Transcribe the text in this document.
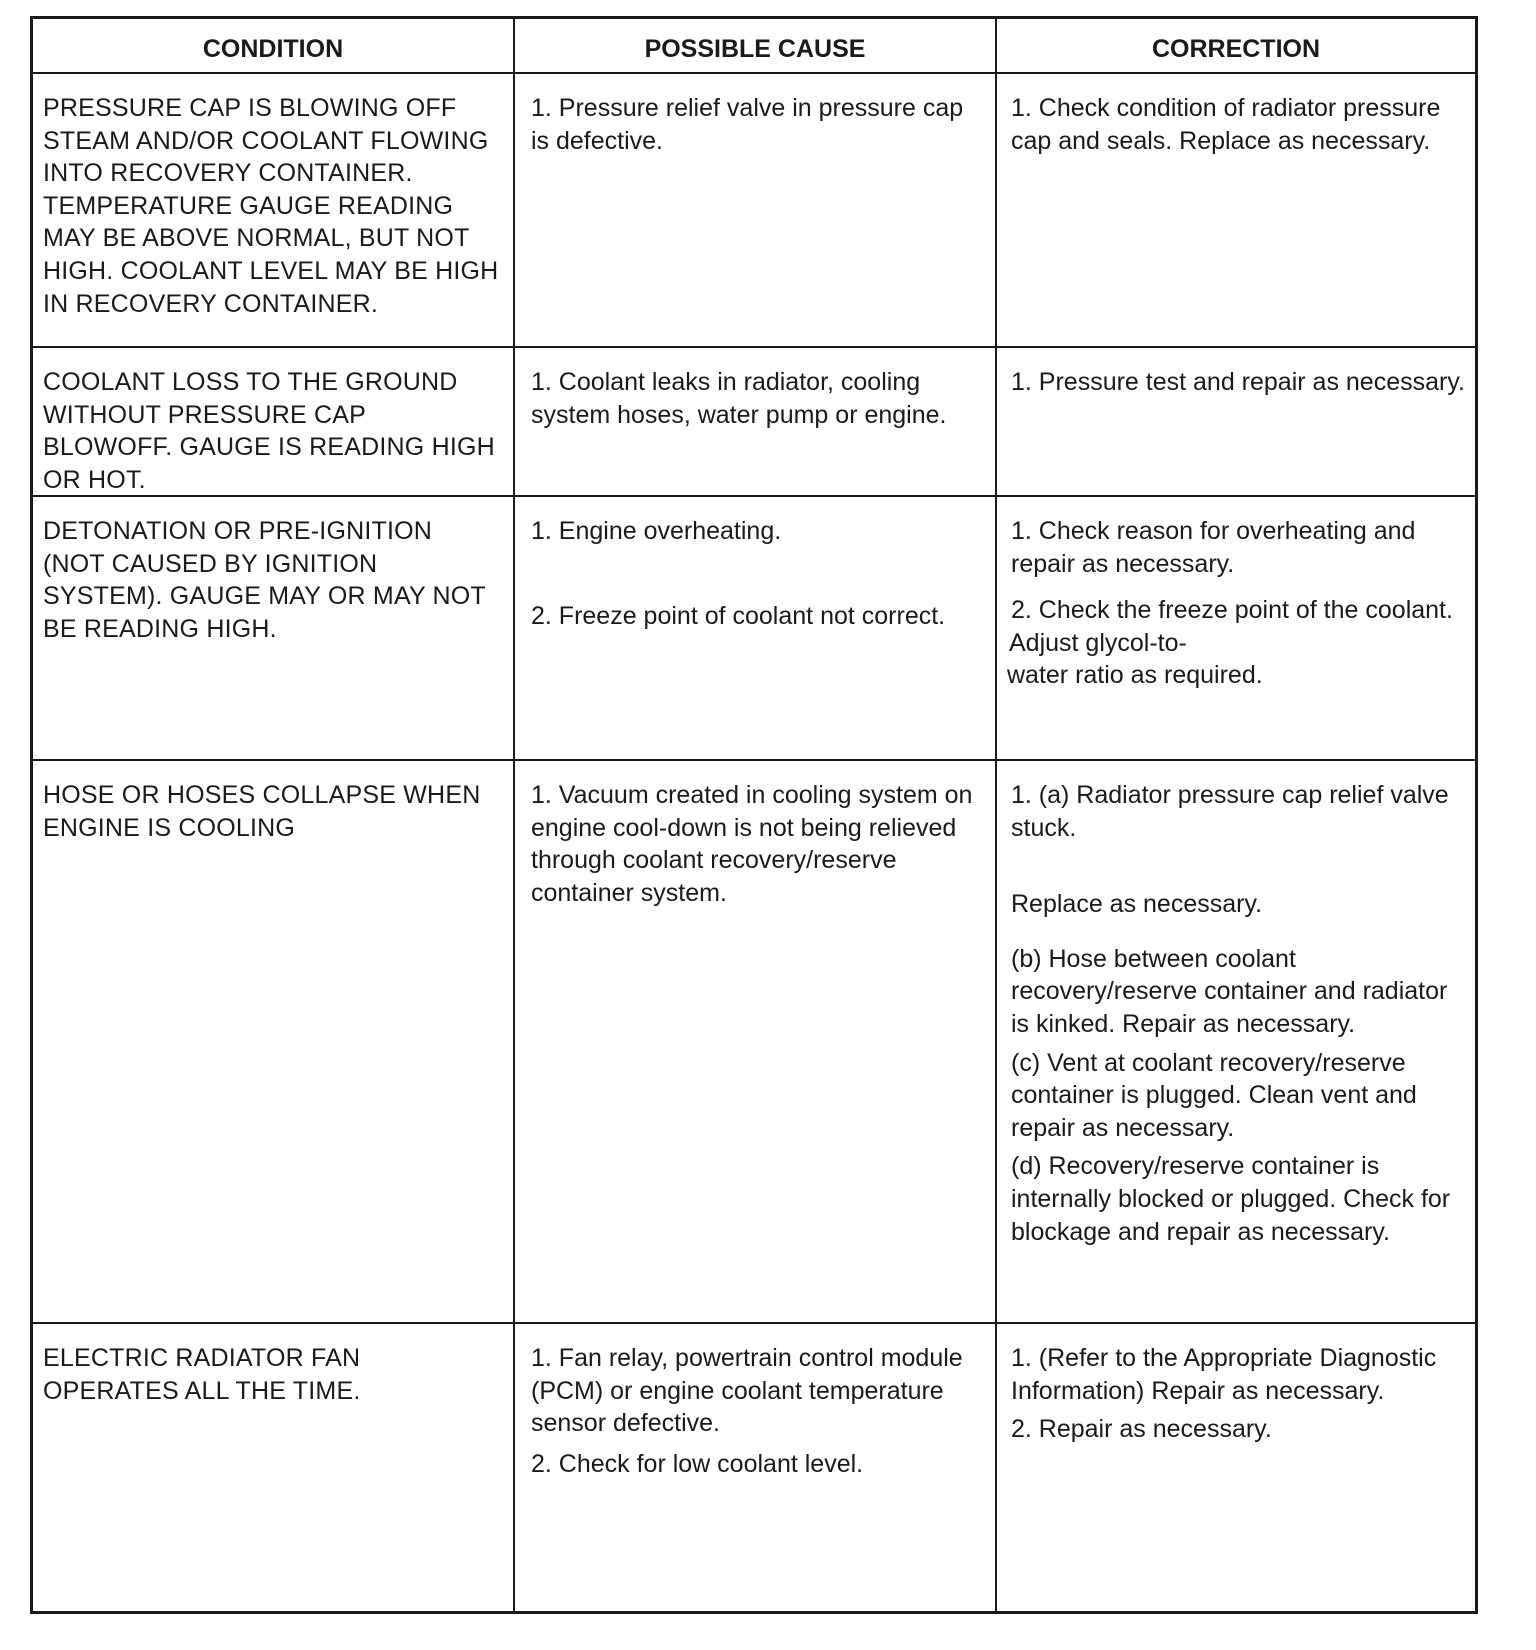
CONDITION	POSSIBLE CAUSE	CORRECTION

PRESSURE CAP IS BLOWING OFF STEAM AND/OR COOLANT FLOWING INTO RECOVERY CONTAINER. TEMPERATURE GAUGE READING MAY BE ABOVE NORMAL, BUT NOT HIGH. COOLANT LEVEL MAY BE HIGH IN RECOVERY CONTAINER.

1. Pressure relief valve in pressure cap is defective.

1. Check condition of radiator pressure cap and seals. Replace as necessary.

COOLANT LOSS TO THE GROUND WITHOUT PRESSURE CAP BLOWOFF. GAUGE IS READING HIGH OR HOT.

1. Coolant leaks in radiator, cooling system hoses, water pump or engine.

1. Pressure test and repair as necessary.

DETONATION OR PRE-IGNITION (NOT CAUSED BY IGNITION SYSTEM). GAUGE MAY OR MAY NOT BE READING HIGH.

1. Engine overheating.

2. Freeze point of coolant not correct.

1. Check reason for overheating and repair as necessary.

2. Check the freeze point of the coolant.

Adjust glycol-to-

water ratio as required.

HOSE OR HOSES COLLAPSE WHEN ENGINE IS COOLING

1. Vacuum created in cooling system on engine cool-down is not being relieved through coolant recovery/reserve container system.

1. (a) Radiator pressure cap relief valve stuck.

Replace as necessary.

(b) Hose between coolant recovery/reserve container and radiator is kinked. Repair as necessary.

(c) Vent at coolant recovery/reserve container is plugged. Clean vent and repair as necessary.

(d) Recovery/reserve container is internally blocked or plugged. Check for blockage and repair as necessary.

ELECTRIC RADIATOR FAN OPERATES ALL THE TIME.

1. Fan relay, powertrain control module (PCM) or engine coolant temperature sensor defective.

2. Check for low coolant level.

1. (Refer to the Appropriate Diagnostic Information) Repair as necessary.

2. Repair as necessary.
